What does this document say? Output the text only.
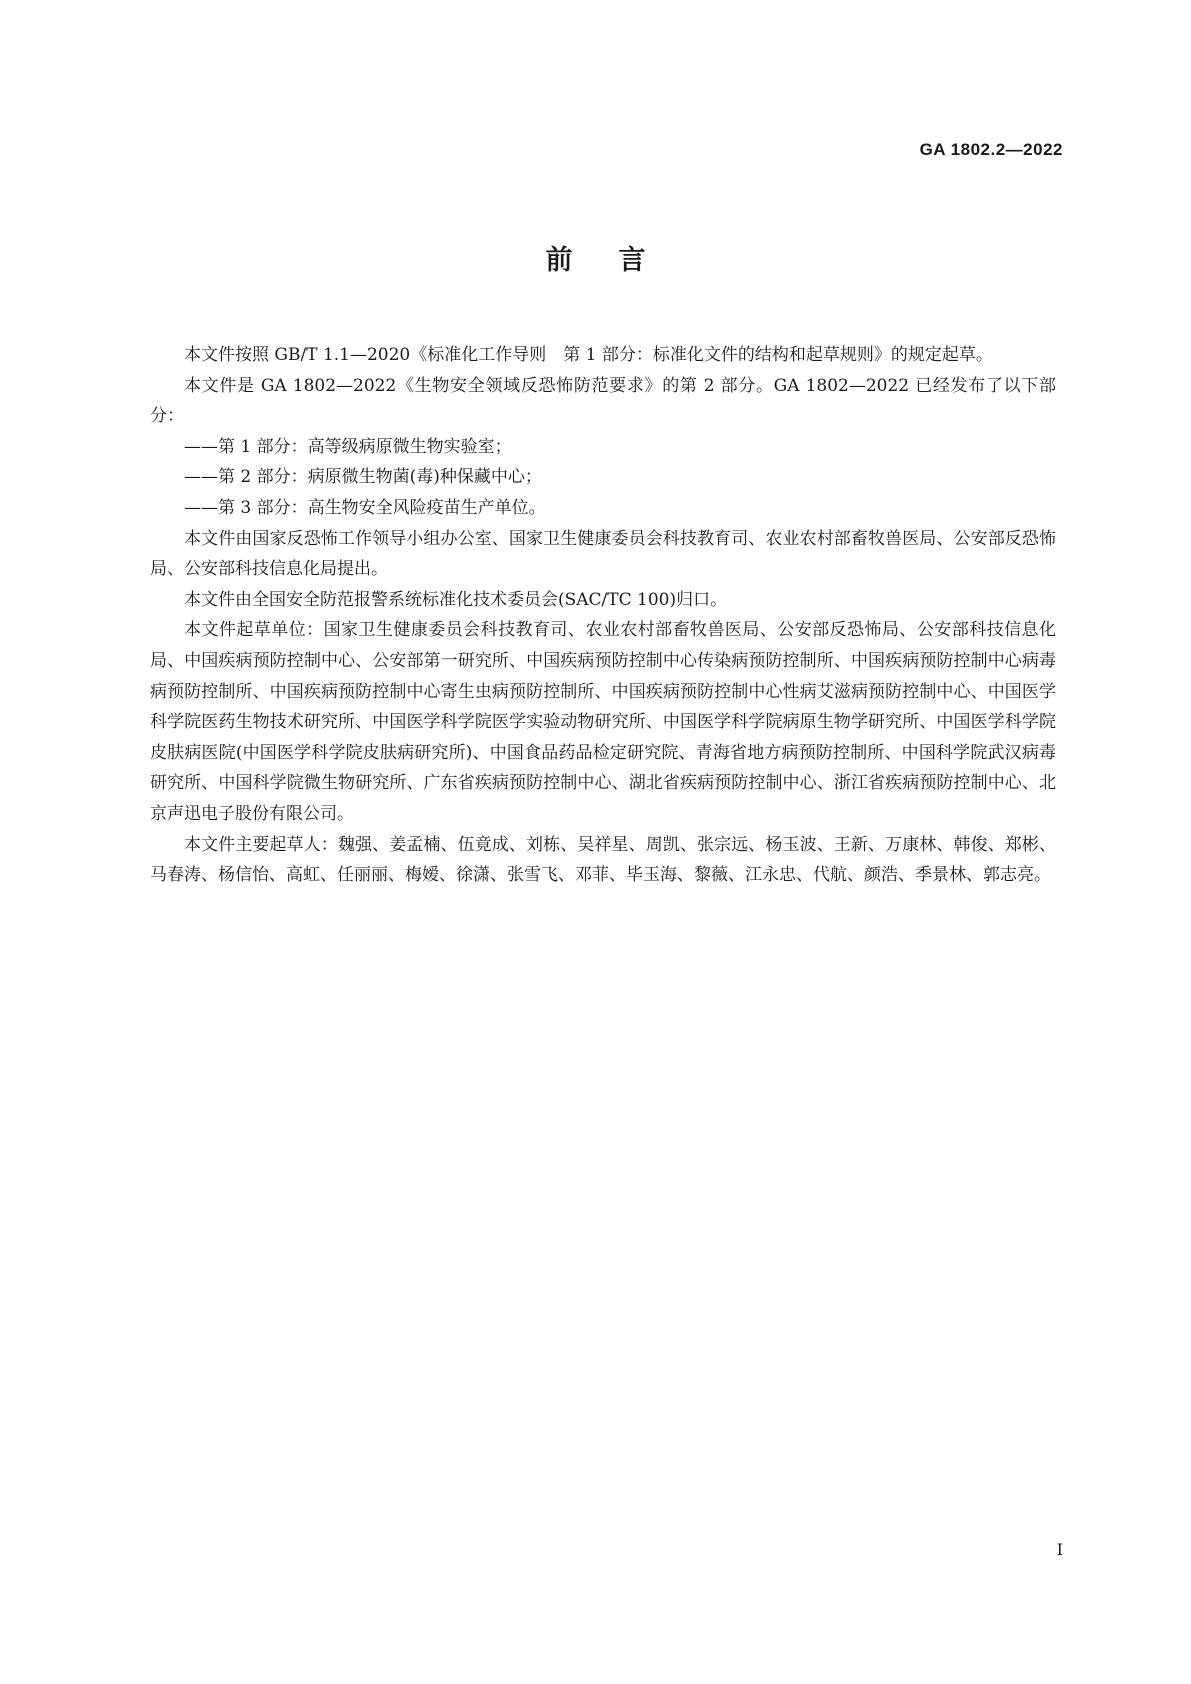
GA 1802.2—2022
前言

本文件按照 GB/T 1.1—2020《标准化工作导则　第 1 部分：标准化文件的结构和起草规则》的规定起草。

本文件是 GA 1802—2022《生物安全领域反恐怖防范要求》的第 2 部分。GA 1802—2022 已经发布了以下部分：

——第 1 部分：高等级病原微生物实验室；

——第 2 部分：病原微生物菌(毒)种保藏中心；

——第 3 部分：高生物安全风险疫苗生产单位。

本文件由国家反恐怖工作领导小组办公室、国家卫生健康委员会科技教育司、农业农村部畜牧兽医局、公安部反恐怖局、公安部科技信息化局提出。

本文件由全国安全防范报警系统标准化技术委员会(SAC/TC 100)归口。

本文件起草单位：国家卫生健康委员会科技教育司、农业农村部畜牧兽医局、公安部反恐怖局、公安部科技信息化局、中国疾病预防控制中心、公安部第一研究所、中国疾病预防控制中心传染病预防控制所、中国疾病预防控制中心病毒病预防控制所、中国疾病预防控制中心寄生虫病预防控制所、中国疾病预防控制中心性病艾滋病预防控制中心、中国医学科学院医药生物技术研究所、中国医学科学院医学实验动物研究所、中国医学科学院病原生物学研究所、中国医学科学院皮肤病医院(中国医学科学院皮肤病研究所)、中国食品药品检定研究院、青海省地方病预防控制所、中国科学院武汉病毒研究所、中国科学院微生物研究所、广东省疾病预防控制中心、湖北省疾病预防控制中心、浙江省疾病预防控制中心、北京声迅电子股份有限公司。

本文件主要起草人：魏强、姜孟楠、伍竟成、刘栋、吴祥星、周凯、张宗远、杨玉波、王新、万康林、韩俊、郑彬、马春涛、杨信怡、高虹、任丽丽、梅嫒、徐潇、张雪飞、邓菲、毕玉海、黎薇、江永忠、代航、颜浩、季景林、郭志亮。

I
